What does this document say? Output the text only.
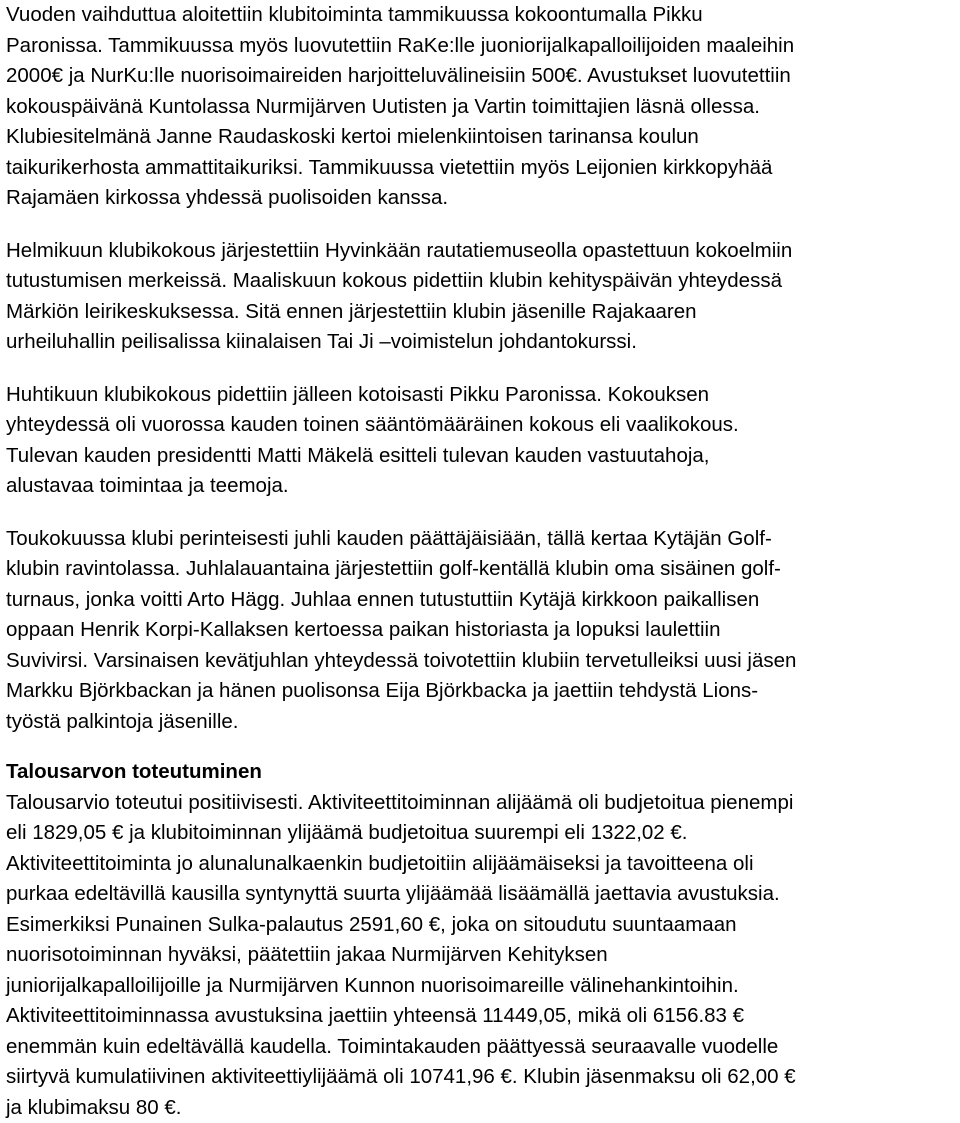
Vuoden vaihduttua aloitettiin klubitoiminta tammikuussa kokoontumalla Pikku
Paronissa. Tammikuussa myös luovutettiin RaKe:lle juoniorijalkapalloilijoiden maaleihin
2000€ ja NurKu:lle nuorisoimaireiden harjoitteluvälineisiin 500€. Avustukset luovutettiin
kokouspäivänä Kuntolassa Nurmijärven Uutisten ja Vartin toimittajien läsnä ollessa.
Klubiesitelmänä Janne Raudaskoski kertoi mielenkiintoisen tarinansa koulun
taikurikerhosta ammattitaikuriksi. Tammikuussa vietettiin myös Leijonien kirkkopyhää
Rajamäen kirkossa yhdessä puolisoiden kanssa.
Helmikuun klubikokous järjestettiin Hyvinkään rautatiemuseolla opastettuun kokoelmiin
tutustumisen merkeissä. Maaliskuun kokous pidettiin klubin kehityspäivän yhteydessä
Märkiön leirikeskuksessa. Sitä ennen järjestettiin klubin jäsenille Rajakaaren
urheiluhallin peilisalissa kiinalaisen Tai Ji –voimistelun johdantokurssi.
Huhtikuun klubikokous pidettiin jälleen kotoisasti Pikku Paronissa. Kokouksen
yhteydessä oli vuorossa kauden toinen sääntömääräinen kokous eli vaalikokous.
Tulevan kauden presidentti Matti Mäkelä esitteli tulevan kauden vastuutahoja,
alustavaa toimintaa ja teemoja.
Toukokuussa klubi perinteisesti juhli kauden päättäjäisiään, tällä kertaa Kytäjän Golf-
klubin ravintolassa. Juhlalauantaina järjestettiin golf-kentällä klubin oma sisäinen golf-
turnaus, jonka voitti Arto Hägg. Juhlaa ennen tutustuttiin Kytäjä kirkkoon paikallisen
oppaan Henrik Korpi-Kallaksen kertoessa paikan historiasta ja lopuksi laulettiin
Suvivirsi. Varsinaisen kevätjuhlan yhteydessä toivotettiin klubiin tervetulleiksi uusi jäsen
Markku Björkbackan ja hänen puolisonsa Eija Björkbacka ja jaettiin tehdystä Lions-
työstä palkintoja jäsenille.
Talousarvon toteutuminen
Talousarvio toteutui positiivisesti. Aktiviteettitoiminnan alijäämä oli budjetoitua pienempi
eli 1829,05 € ja klubitoiminnan ylijäämä budjetoitua suurempi eli 1322,02 €.
Aktiviteettitoiminta jo alunalunalkaenkin budjetoitiin alijäämäiseksi ja tavoitteena oli
purkaa edeltävillä kausilla syntynyttä suurta ylijäämää lisäämällä jaettavia avustuksia.
Esimerkiksi Punainen Sulka-palautus 2591,60 €, joka on sitoudutu suuntaamaan
nuorisotoiminnan hyväksi, päätettiin jakaa Nurmijärven Kehityksen
juniorijalkapalloilijoille ja Nurmijärven Kunnon nuorisoimareille välinehankintoihin.
Aktiviteettitoiminnassa avustuksina jaettiin yhteensä 11449,05, mikä oli 6156.83 €
enemmän kuin edeltävällä kaudella. Toimintakauden päättyessä seuraavalle vuodelle
siirtyvä kumulatiivinen aktiviteettiylijäämä oli 10741,96 €. Klubin jäsenmaksu oli 62,00 €
ja klubimaksu 80 €.
